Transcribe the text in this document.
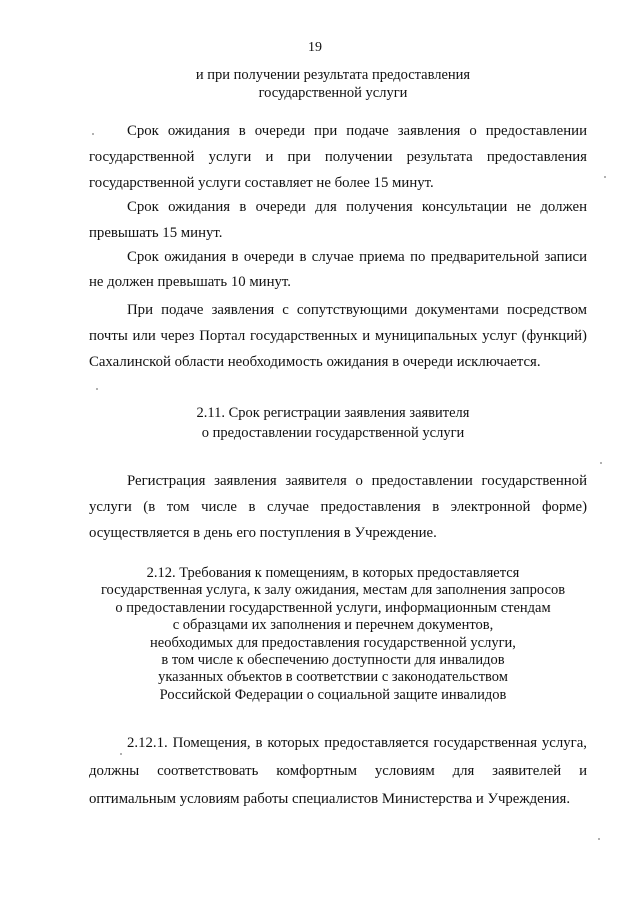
19
и при получении результата предоставления
государственной услуги
Срок ожидания в очереди при подаче заявления о предоставлении
государственной услуги и при получении результата предоставления
государственной услуги составляет не более 15 минут.
Срок ожидания в очереди для получения консультации не должен
превышать 15 минут.
Срок ожидания в очереди в случае приема по предварительной записи
не должен превышать 10 минут.
При подаче заявления с сопутствующими документами посредством
почты или через Портал государственных и муниципальных услуг (функций)
Сахалинской области необходимость ожидания в очереди исключается.
2.11. Срок регистрации заявления заявителя
о предоставлении государственной услуги
Регистрация заявления заявителя о предоставлении государственной
услуги (в том числе в случае предоставления в электронной форме)
осуществляется в день его поступления в Учреждение.
2.12. Требования к помещениям, в которых предоставляется
государственная услуга, к залу ожидания, местам для заполнения запросов
о предоставлении государственной услуги, информационным стендам
с образцами их заполнения и перечнем документов,
необходимых для предоставления государственной услуги,
в том числе к обеспечению доступности для инвалидов
указанных объектов в соответствии с законодательством
Российской Федерации о социальной защите инвалидов
2.12.1. Помещения, в которых предоставляется государственная услуга,
должны соответствовать комфортным условиям для заявителей и
оптимальным условиям работы специалистов Министерства и Учреждения.
